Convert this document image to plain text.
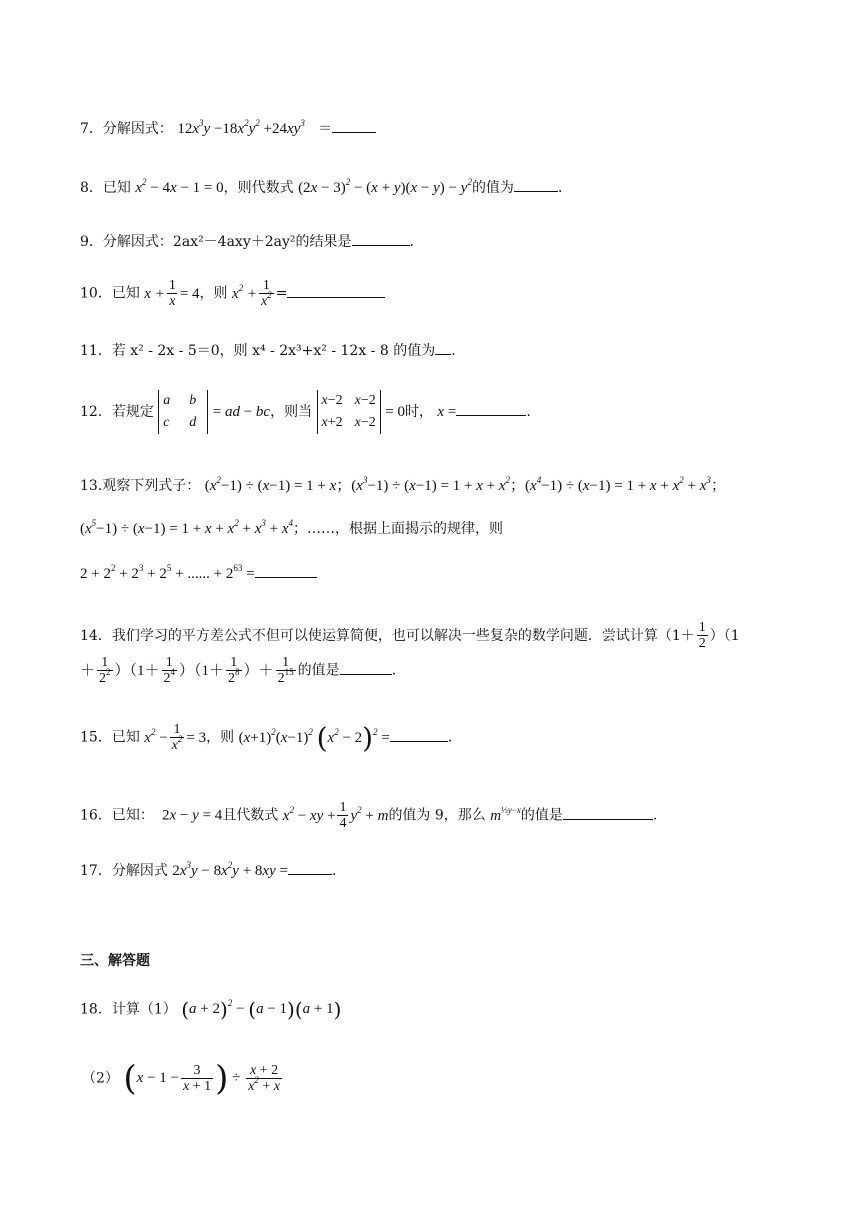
7．分解因式： $12x^3y -18x^2y^2 +24xy^3$ ＝
8．已知 $x^2 - 4x - 1 = 0$，则代数式 $(2x - 3)^2 - (x + y)(x - y) - y^2$的值为	.
9．分解因式：2ax²－4axy＋2ay²的结果是	.
10．已知 $x + \frac{1}{x} = 4$，则 $x^2 + \frac{1}{x^2}$ =
11．若 x² - 2x - 5＝0，则 x⁴ - 2x³+x² - 12x - 8 的值为 .
12．若规定
a	b
c	d
= ad − bc，则当
x−2 x−2
x+2 x−2
= 0时， x =	.
13.观察下列式子： $(x^2-1) \div (x-1) = 1 + x$；$(x^3-1) \div (x-1) = 1 + x + x^2$；$(x^4-1) \div (x-1) = 1 + x + x^2 + x^3$；
$(x^5-1) \div (x-1) = 1 + x + x^2 + x^3 + x^4$；……，根据上面揭示的规律，则
$2 + 2^2 + 2^3 + 2^5$ + ...... + $2^{63}$ =
14．我们学习的平方差公式不但可以使运算简便，也可以解决一些复杂的数学问题．尝试计算$(1+ \frac{1}{2} )(1$
＋ $\frac{1}{2^2} )(1+ \frac{1}{2^4} )(1+ \frac{1}{2^8}$ ）＋ $\frac{1}{2^{15}}$ 的值是	.
15．已知 $x^2 - \frac{1}{x^2} = 3$，则 $(x+1)^2(x-1)^2$ $(x^2 - 2)^2$ =	.
16．已知： 2x − y = 4且代数式 $x^2$ − xy + $\frac{1}{4} y^2 + m$的值为 9，那么 $m^{\frac{1}{2}y-x}$的值是	.
17．分解因式 $2x^3y - 8x^2y + 8xy$ =	.
三、解答题
18．计算（1） $(a + 2)^2 - (a - 1)(a + 1)$
（2） ($x - 1 - \frac{3}{x + 1}$ ) ÷ $\frac{x + 2}{x^2 + x}$
